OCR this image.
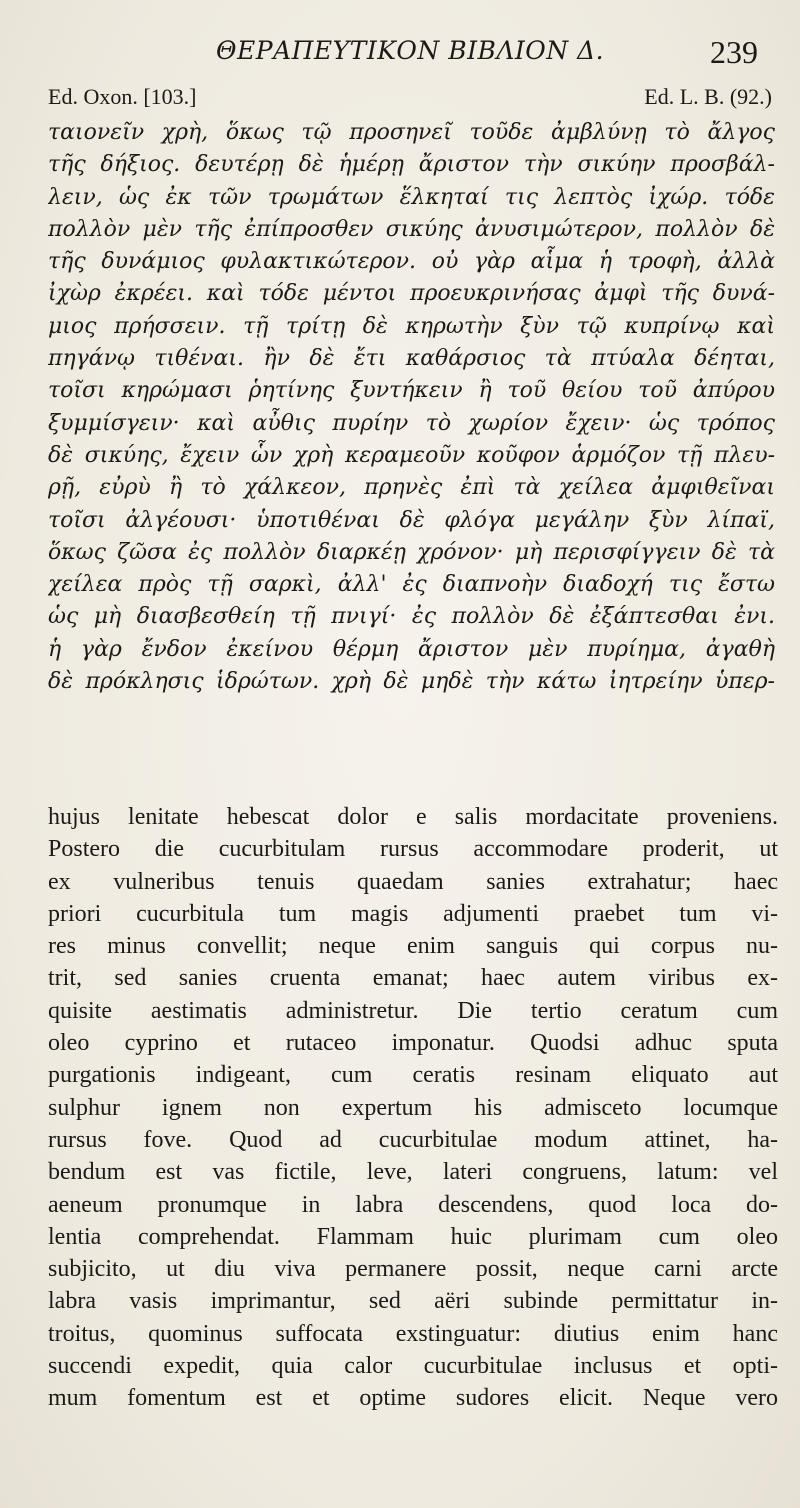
ΘΕΡΑΠΕΥΤΙΚΟΝ ΒΙΒΛΙΟΝ Δ.	239
Ed. Oxon. [103.]	Ed. L. B. (92.)
ταιονεῖν χρὴ, ὅκως τῷ προσηνεῖ τοῦδε ἀμβλύνῃ τὸ ἄλγος
τῆς δήξιος. δευτέρῃ δὲ ἡμέρῃ ἄριστον τὴν σικύην προσβάλ-
λειν, ὡς ἐκ τῶν τρωμάτων ἕλκηταί τις λεπτὸς ἰχώρ. τόδε
πολλὸν μὲν τῆς ἐπίπροσθεν σικύης ἀνυσιμώτερον, πολλὸν δὲ
τῆς δυνάμιος φυλακτικώτερον. οὐ γὰρ αἷμα ἡ τροφὴ, ἀλλὰ
ἰχὼρ ἐκρέει. καὶ τόδε μέντοι προευκρινήσας ἀμφὶ τῆς δυνά-
μιος πρήσσειν. τῇ τρίτῃ δὲ κηρωτὴν ξὺν τῷ κυπρίνῳ καὶ
πηγάνῳ τιθέναι. ἢν δὲ ἔτι καθάρσιος τὰ πτύαλα δέηται,
τοῖσι κηρώμασι ῥητίνης ξυντήκειν ἢ τοῦ θείου τοῦ ἀπύρου
ξυμμίσγειν· καὶ αὖθις πυρίην τὸ χωρίον ἔχειν· ὡς τρόπος
δὲ σικύης, ἔχειν ὧν χρὴ κεραμεοῦν κοῦφον ἁρμόζον τῇ πλευ-
ρῇ, εὐρὺ ἢ τὸ χάλκεον, πρηνὲς ἐπὶ τὰ χείλεα ἀμφιθεῖναι
τοῖσι ἀλγέουσι· ὑποτιθέναι δὲ φλόγα μεγάλην ξὺν λίπαϊ,
ὅκως ζῶσα ἐς πολλὸν διαρκέῃ χρόνον· μὴ περισφίγγειν δὲ τὰ
χείλεα πρὸς τῇ σαρκὶ, ἀλλ' ἐς διαπνοὴν διαδοχή τις ἔστω
ὡς μὴ διασβεσθείη τῇ πνιγί· ἐς πολλὸν δὲ ἐξάπτεσθαι ἐνι.
ἡ γὰρ ἔνδον ἐκείνου θέρμη ἄριστον μὲν πυρίημα, ἀγαθὴ
δὲ πρόκλησις ἱδρώτων. χρὴ δὲ μηδὲ τὴν κάτω ἰητρείην ὑπερ-
hujus lenitate hebescat dolor e salis mordacitate proveniens.
Postero die cucurbitulam rursus accommodare proderit, ut
ex vulneribus tenuis quaedam sanies extrahatur; haec
priori cucurbitula tum magis adjumenti praebet tum vi-
res minus convellit; neque enim sanguis qui corpus nu-
trit, sed sanies cruenta emanat; haec autem viribus ex-
quisite aestimatis administretur. Die tertio ceratum cum
oleo cyprino et rutaceo imponatur. Quodsi adhuc sputa
purgationis indigeant, cum ceratis resinam eliquato aut
sulphur ignem non expertum his admisceto locumque
rursus fove. Quod ad cucurbitulae modum attinet, ha-
bendum est vas fictile, leve, lateri congruens, latum: vel
aeneum pronumque in labra descendens, quod loca do-
lentia comprehendat. Flammam huic plurimam cum oleo
subjicito, ut diu viva permanere possit, neque carni arcte
labra vasis imprimantur, sed aëri subinde permittatur in-
troitus, quominus suffocata exstinguatur: diutius enim hanc
succendi expedit, quia calor cucurbitulae inclusus et opti-
mum fomentum est et optime sudores elicit. Neque vero
